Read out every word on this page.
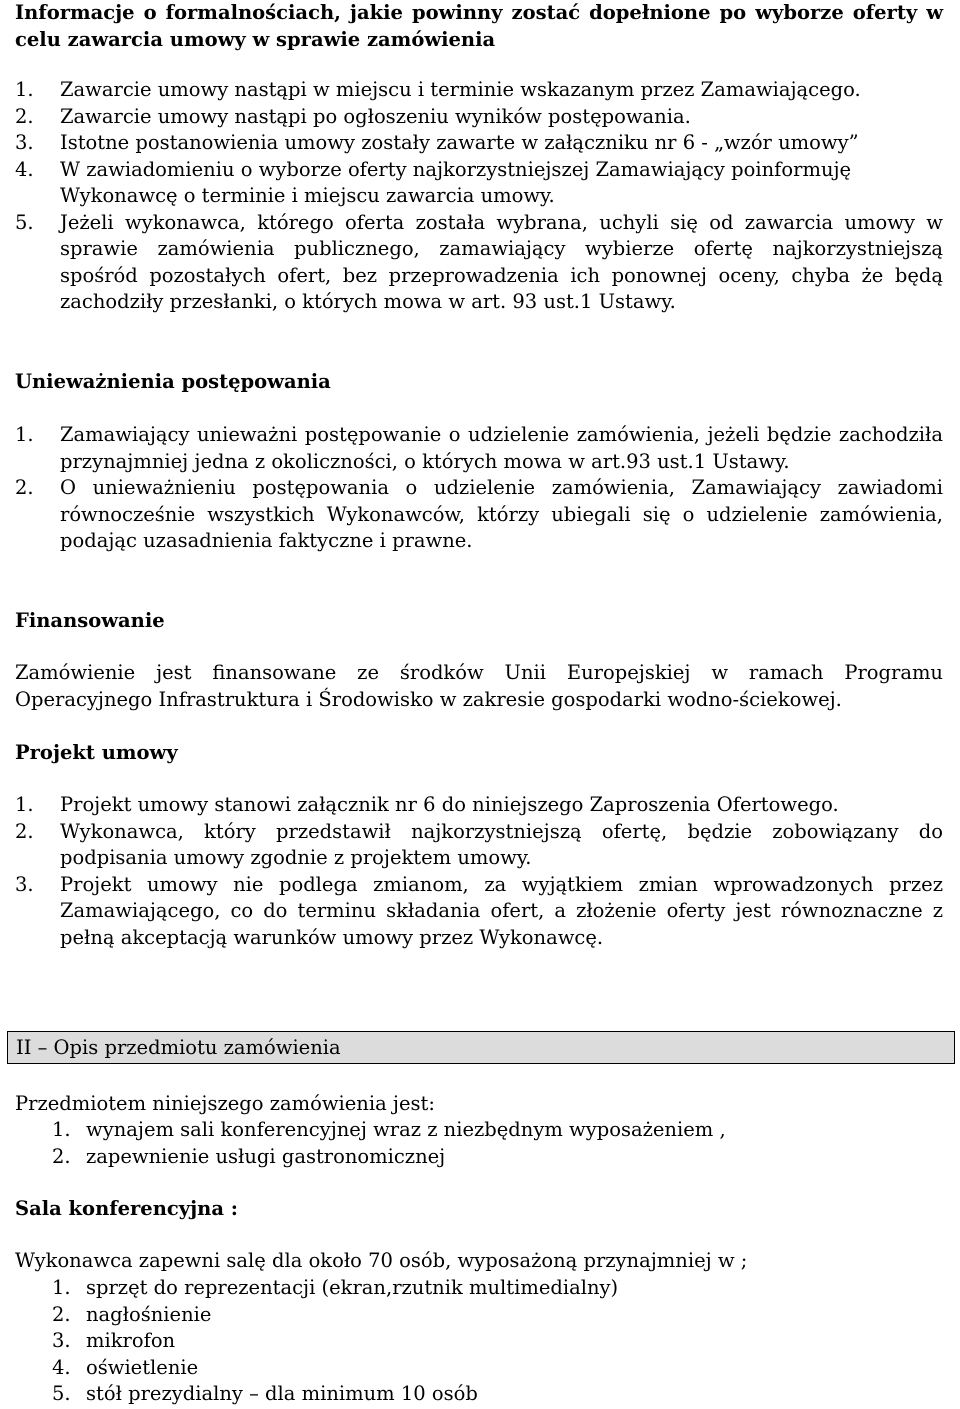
Informacje o formalnościach, jakie powinny zostać dopełnione po wyborze oferty w celu zawarcia umowy w sprawie zamówienia

1. Zawarcie umowy nastąpi w miejscu i terminie wskazanym przez Zamawiającego.
2. Zawarcie umowy nastąpi po ogłoszeniu wyników postępowania.
3. Istotne postanowienia umowy zostały zawarte w załączniku nr 6 - „wzór umowy”
4. W zawiadomieniu o wyborze oferty najkorzystniejszej Zamawiający poinformuję Wykonawcę o terminie i miejscu zawarcia umowy.
5. Jeżeli wykonawca, którego oferta została wybrana, uchyli się od zawarcia umowy w sprawie zamówienia publicznego, zamawiający wybierze ofertę najkorzystniejszą spośród pozostałych ofert, bez przeprowadzenia ich ponownej oceny, chyba że będą zachodziły przesłanki, o których mowa w art. 93 ust.1 Ustawy.

Unieważnienia postępowania

1. Zamawiający unieważni postępowanie o udzielenie zamówienia, jeżeli będzie zachodziła przynajmniej jedna z okoliczności, o których mowa w art.93 ust.1 Ustawy.
2. O unieważnieniu postępowania o udzielenie zamówienia, Zamawiający zawiadomi równocześnie wszystkich Wykonawców, którzy ubiegali się o udzielenie zamówienia, podając uzasadnienia faktyczne i prawne.

Finansowanie

Zamówienie jest finansowane ze środków Unii Europejskiej w ramach Programu Operacyjnego Infrastruktura i Środowisko w zakresie gospodarki wodno-ściekowej.

Projekt umowy

1. Projekt umowy stanowi załącznik nr 6 do niniejszego Zaproszenia Ofertowego.
2. Wykonawca, który przedstawił najkorzystniejszą ofertę, będzie zobowiązany do podpisania umowy zgodnie z projektem umowy.
3. Projekt umowy nie podlega zmianom, za wyjątkiem zmian wprowadzonych przez Zamawiającego, co do terminu składania ofert, a złożenie oferty jest równoznaczne z pełną akceptacją warunków umowy przez Wykonawcę.
II – Opis przedmiotu zamówienia

Przedmiotem niniejszego zamówienia jest:

1. wynajem sali konferencyjnej wraz z niezbędnym wyposażeniem ,
2. zapewnienie usługi gastronomicznej

Sala konferencyjna :

Wykonawca zapewni salę dla około 70 osób, wyposażoną przynajmniej w ;

1. sprzęt do reprezentacji (ekran,rzutnik multimedialny)
2. nagłośnienie
3. mikrofon
4. oświetlenie
5. stół prezydialny – dla minimum 10 osób
